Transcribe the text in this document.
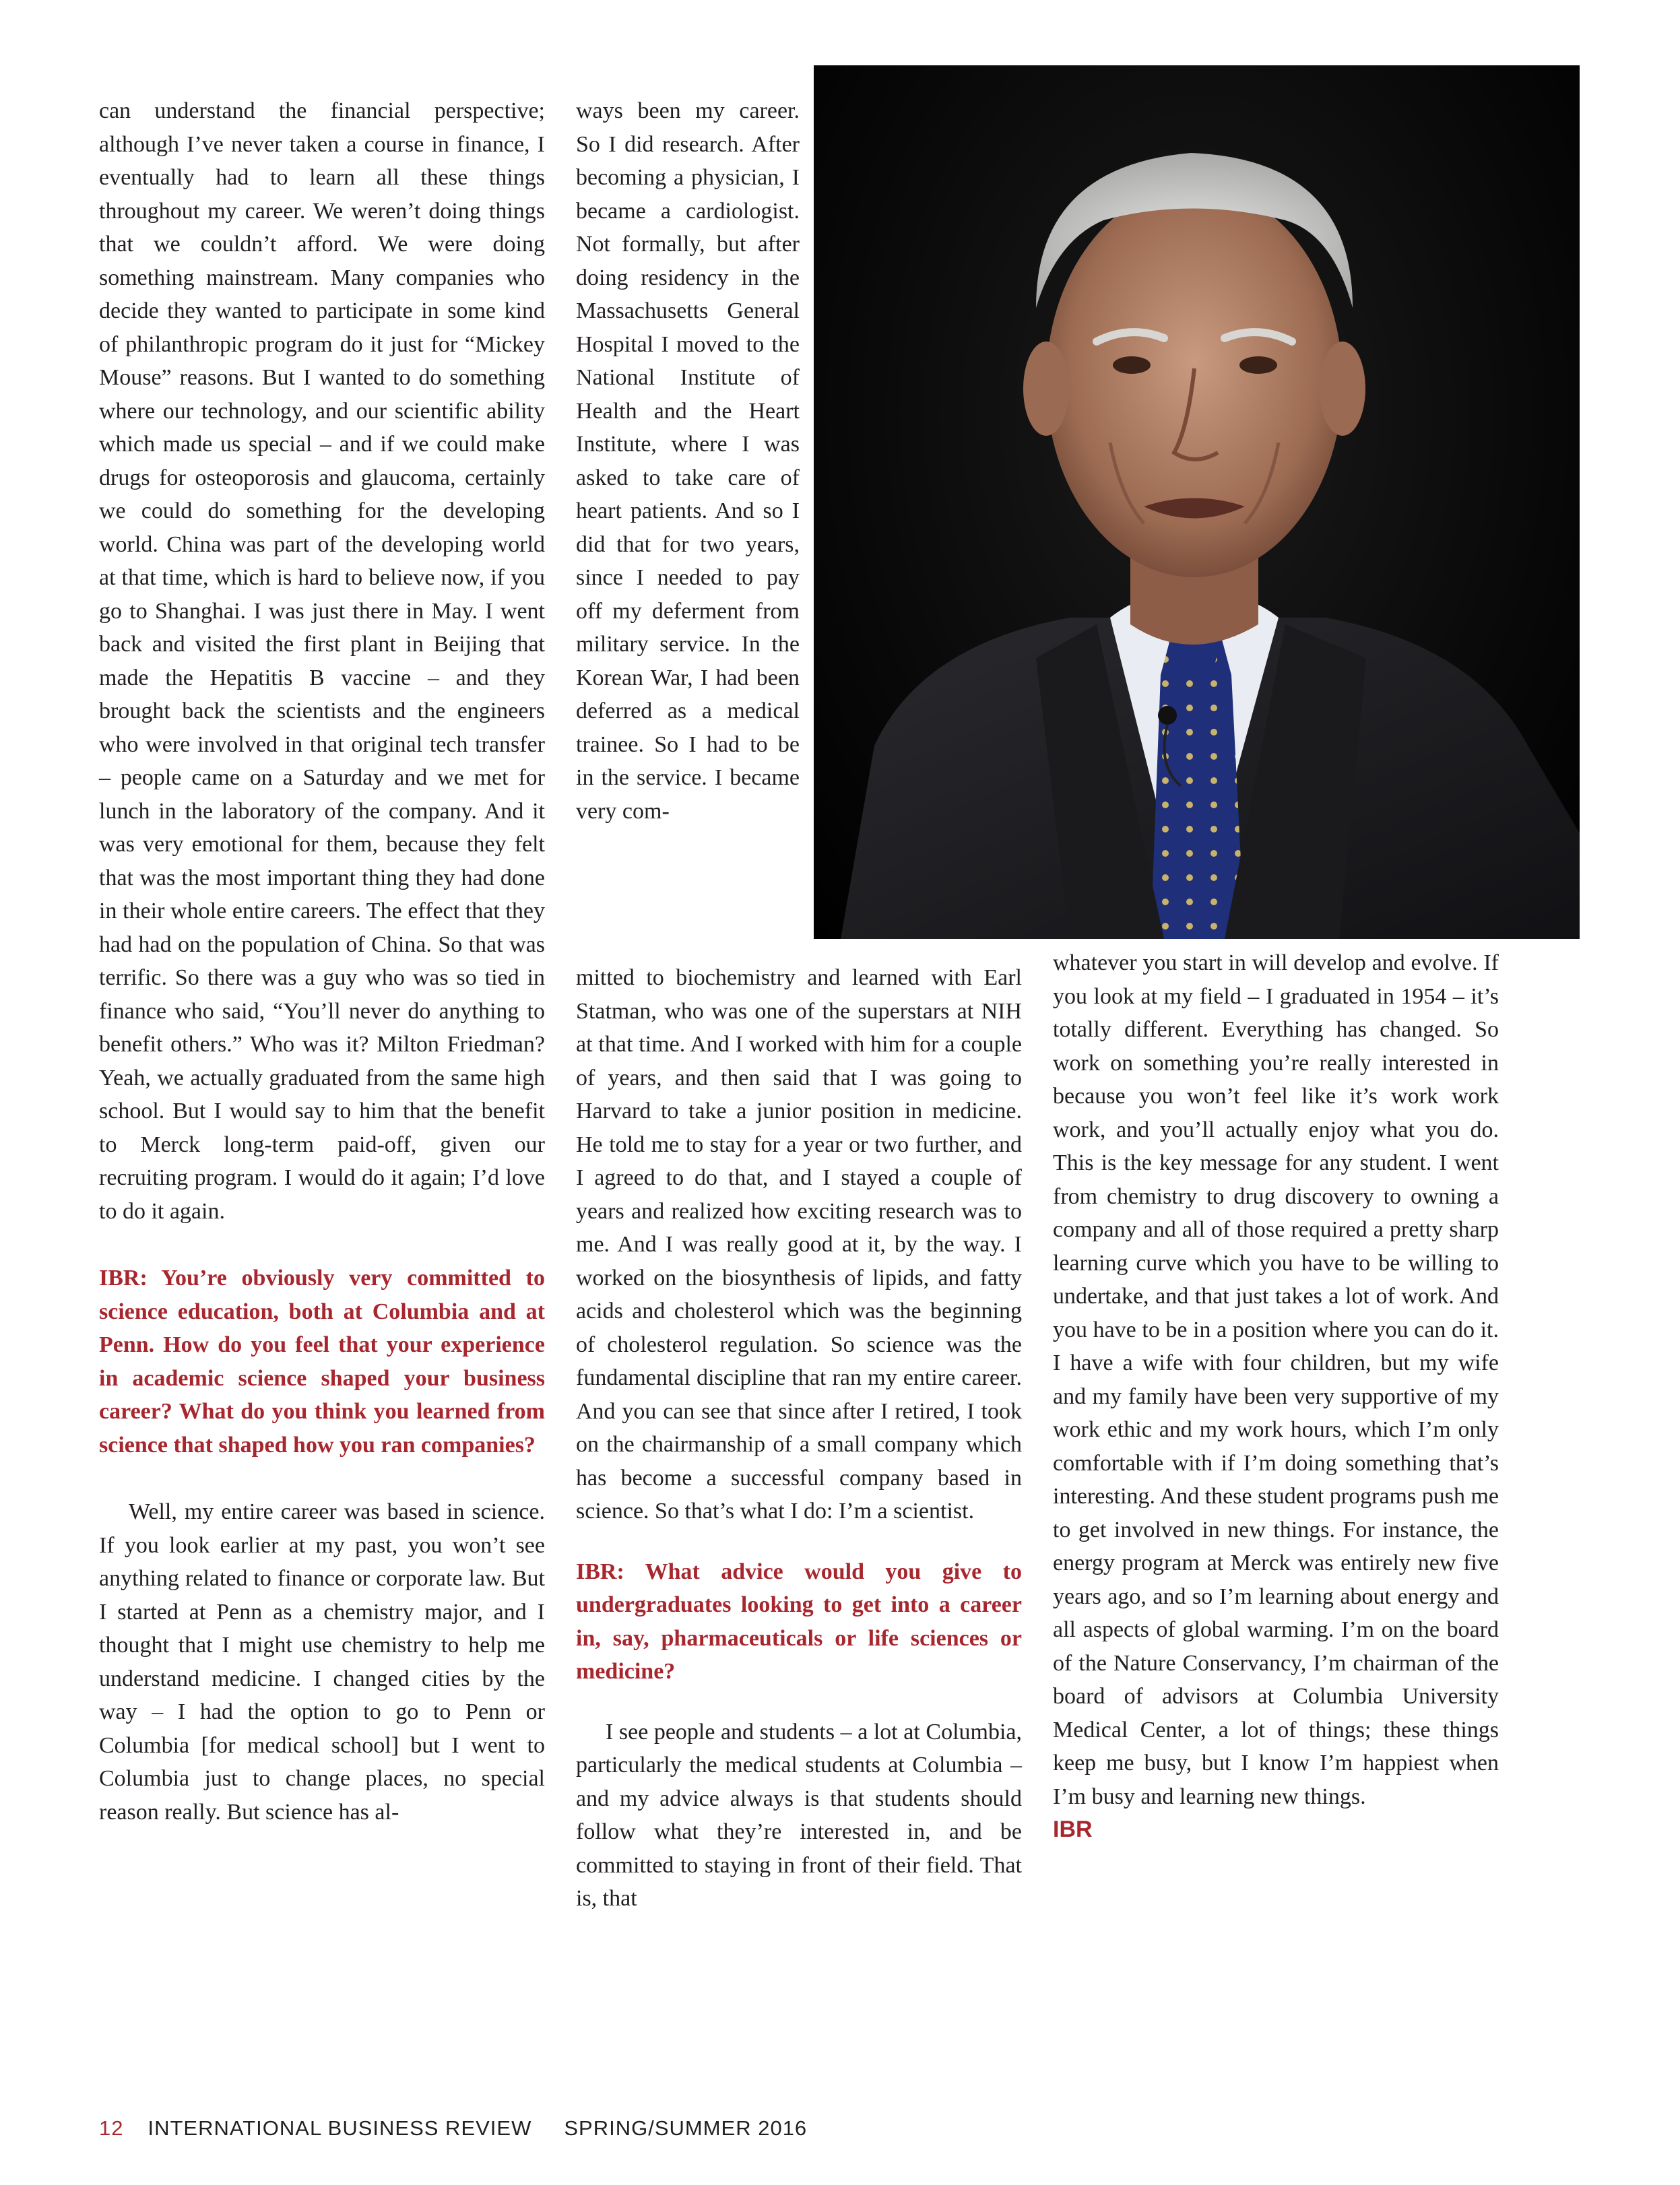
can understand the financial perspective; although I’ve never taken a course in finance, I eventually had to learn all these things throughout my career. We weren’t doing things that we couldn’t afford. We were doing something mainstream. Many companies who decide they wanted to participate in some kind of philanthropic program do it just for “Mickey Mouse” reasons. But I wanted to do something where our technology, and our scientific ability which made us special – and if we could make drugs for osteoporosis and glaucoma, certainly we could do something for the developing world. China was part of the developing world at that time, which is hard to believe now, if you go to Shanghai. I was just there in May. I went back and visited the first plant in Beijing that made the Hepatitis B vaccine – and they brought back the scientists and the engineers who were involved in that original tech transfer – people came on a Saturday and we met for lunch in the laboratory of the company. And it was very emotional for them, because they felt that was the most important thing they had done in their whole entire careers. The effect that they had had on the population of China. So that was terrific. So there was a guy who was so tied in finance who said, “You’ll never do anything to benefit others.” Who was it? Milton Friedman? Yeah, we actually graduated from the same high school. But I would say to him that the benefit to Merck long-term paid-off, given our recruiting program. I would do it again; I’d love to do it again.

IBR: You’re obviously very committed to science education, both at Columbia and at Penn. How do you feel that your experience in academic science shaped your business career? What do you think you learned from science that shaped how you ran companies?

Well, my entire career was based in science. If you look earlier at my past, you won’t see anything related to finance or corporate law. But I started at Penn as a chemistry major, and I thought that I might use chemistry to help me understand medicine. I changed cities by the way – I had the option to go to Penn or Columbia [for medical school] but I went to Columbia just to change places, no special reason really. But science has al-

ways been my career. So I did research. After becoming a physician, I became a cardiologist. Not formally, but after doing residency in the Massachusetts General Hospital I moved to the National Institute of Health and the Heart Institute, where I was asked to take care of heart patients. And so I did that for two years, since I needed to pay off my deferment from military service. In the Korean War, I had been deferred as a medical trainee. So I had to be in the service. I became very com-

mitted to biochemistry and learned with Earl Statman, who was one of the superstars at NIH at that time. And I worked with him for a couple of years, and then said that I was going to Harvard to take a junior position in medicine. He told me to stay for a year or two further, and I agreed to do that, and I stayed a couple of years and realized how exciting research was to me. And I was really good at it, by the way. I worked on the biosynthesis of lipids, and fatty acids and cholesterol which was the beginning of cholesterol regulation. So science was the fundamental discipline that ran my entire career. And you can see that since after I retired, I took on the chairmanship of a small company which has become a successful company based in science. So that’s what I do: I’m a scientist.

IBR: What advice would you give to undergraduates looking to get into a career in, say, pharmaceuticals or life sciences or medicine?

I see people and students – a lot at Columbia, particularly the medical students at Columbia – and my advice always is that students should follow what they’re interested in, and be committed to staying in front of their field. That is, that

whatever you start in will develop and evolve. If you look at my field – I graduated in 1954 – it’s totally different. Everything has changed. So work on something you’re really interested in because you won’t feel like it’s work work work, and you’ll actually enjoy what you do. This is the key message for any student. I went from chemistry to drug discovery to owning a company and all of those required a pretty sharp learning curve which you have to be willing to undertake, and that just takes a lot of work. And you have to be in a position where you can do it. I have a wife with four children, but my wife and my family have been very supportive of my work ethic and my work hours, which I’m only comfortable with if I’m doing something that’s interesting. And these student programs push me to get involved in new things. For instance, the energy program at Merck was entirely new five years ago, and so I’m learning about energy and all aspects of global warming. I’m on the board of the Nature Conservancy, I’m chairman of the board of advisors at Columbia University Medical Center, a lot of things; these things keep me busy, but I know I’m happiest when I’m busy and learning new things.

IBR

12 INTERNATIONAL BUSINESS REVIEW SPRING/SUMMER 2016
